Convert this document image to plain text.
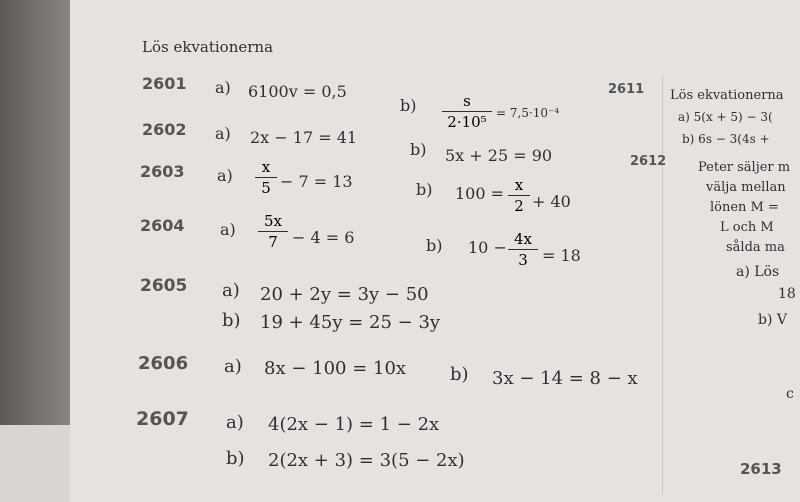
Lös ekvationerna
2601 a) 6100v = 0,5
b)	s
2·10⁵ = 7,5·10⁻⁴
2602 a) 2x − 17 = 41
b) 5x + 25 = 90
2603 a)	x
5 − 7 = 13	b) 100 = x
2 + 40
2604 a)	5x
7 − 4 = 6	b) 10 − 4x
3 = 18
2605 a) 20 + 2y = 3y − 50
b) 19 + 45y = 25 − 3y
2606 a) 8x − 100 = 10x b) 3x − 14 = 8 − x
2607 a) 4(2x − 1) = 1 − 2x
b) 2(2x + 3) = 3(5 − 2x)
2611 Lös ekvationerna
a) 5(x + 5) − 3(
b) 6s − 3(4s +
2612 Peter säljer m
välja mellan
lönen M =
L och M
sålda ma
a) Lös
18
b) V
c
2613
